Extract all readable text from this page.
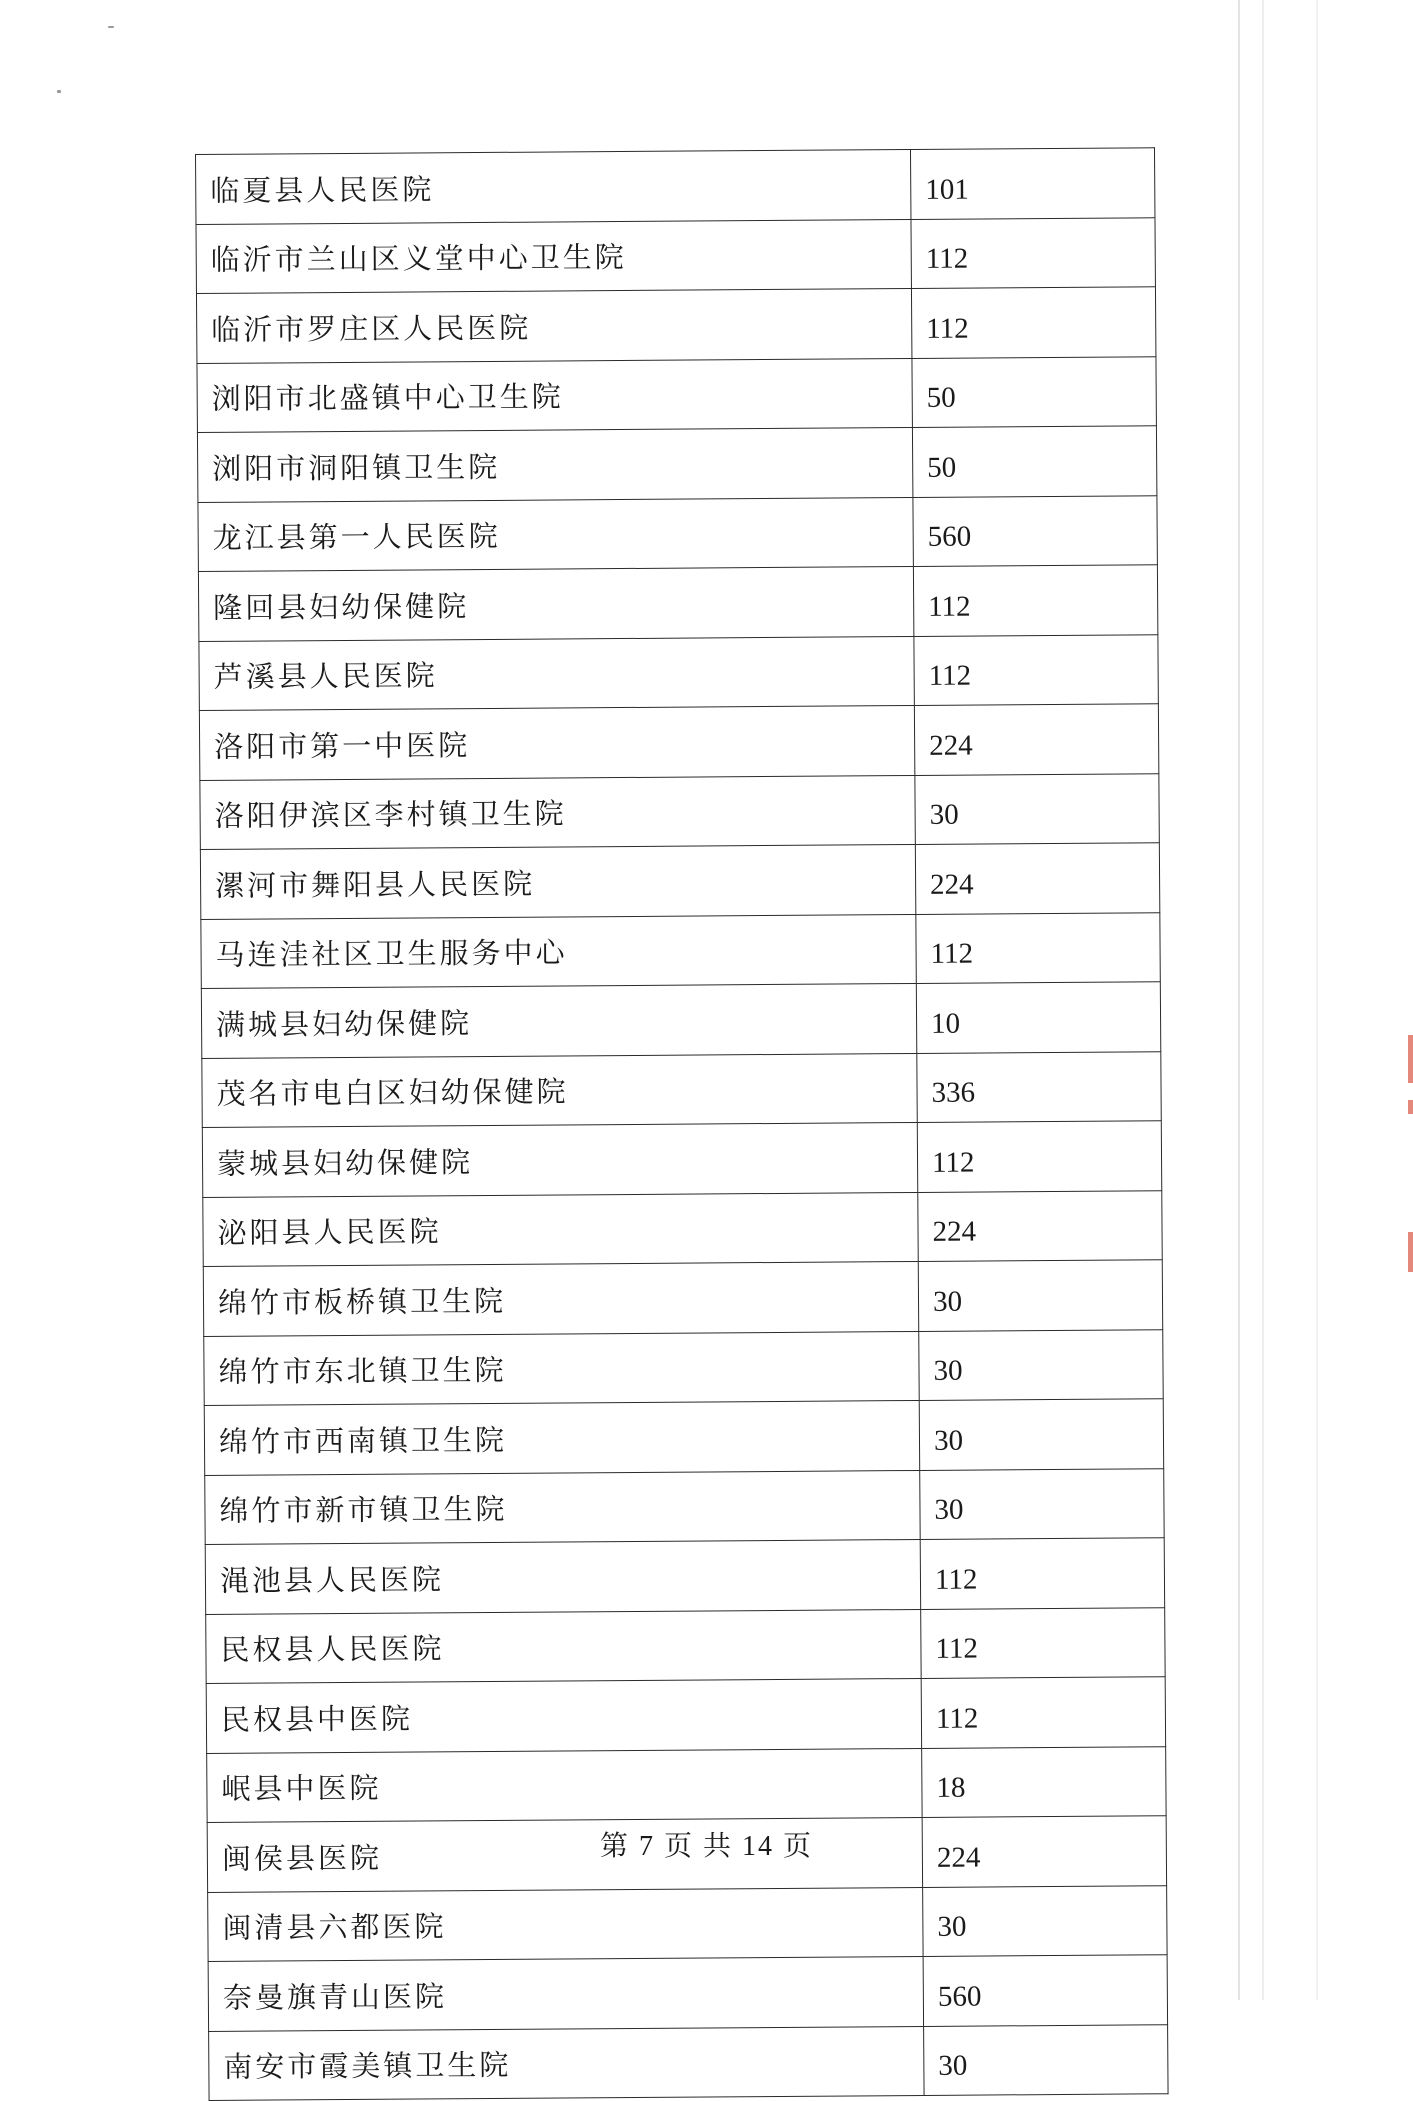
临夏县人民医院	101
临沂市兰山区义堂中心卫生院	112
临沂市罗庄区人民医院	112
浏阳市北盛镇中心卫生院	50
浏阳市洞阳镇卫生院	50
龙江县第一人民医院	560
隆回县妇幼保健院	112
芦溪县人民医院	112
洛阳市第一中医院	224
洛阳伊滨区李村镇卫生院	30
漯河市舞阳县人民医院	224
马连洼社区卫生服务中心	112
满城县妇幼保健院	10
茂名市电白区妇幼保健院	336
蒙城县妇幼保健院	112
泌阳县人民医院	224
绵竹市板桥镇卫生院	30
绵竹市东北镇卫生院	30
绵竹市西南镇卫生院	30
绵竹市新市镇卫生院	30
渑池县人民医院	112
民权县人民医院	112
民权县中医院	112
岷县中医院	18
闽侯县医院	224
闽清县六都医院	30
奈曼旗青山医院	560
南安市霞美镇卫生院	30
第 7 页 共 14 页
